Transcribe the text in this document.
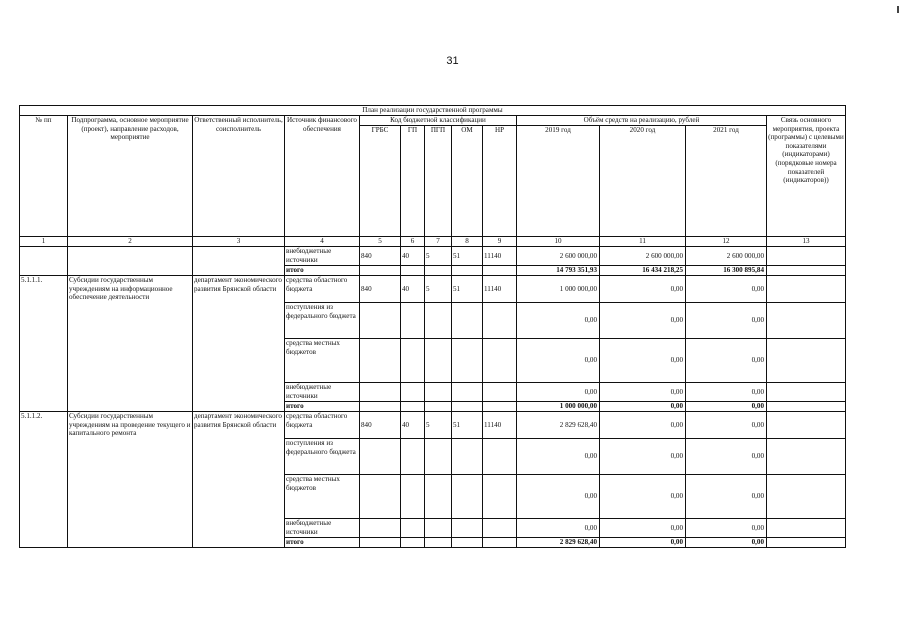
31
План реализации государственной программы												
№ пп	Подпрограмма, основное мероприятие (проект), направление расходов, мероприятие	Ответственный исполнитель, соисполнитель	Источник финансового обеспечения	Код бюджетной классификации					Объём средств на реализацию, рублей			Связь основного мероприятия, проекта (программы) с целевыми показателями (индикаторами) (порядковые номера показателей (индикаторов))
				ГРБС	ГП	ПГП	ОМ	НР	2019 год	2020 год	2021 год	
1	2	3	4	5	6	7	8	9	10	11	12	13
			внебюджетные источники	840	40	5	51	11140	2 600 000,00	2 600 000,00	2 600 000,00	
			итого						14 793 351,93	16 434 218,25	16 300 895,84	
5.1.1.1.	Субсидии государственным учреждениям на информационное обеспечение деятельности	департамент экономического развития Брянской области	средства областного бюджета	840	40	5	51	11140	1 000 000,00	0,00	0,00	
			поступления из федерального бюджета						0,00	0,00	0,00	
			средства местных бюджетов						0,00	0,00	0,00	
			внебюджетные источники						0,00	0,00	0,00	
			итого						1 000 000,00	0,00	0,00	
5.1.1.2.	Субсидии государственным учреждениям на проведение текущего и капитального ремонта	департамент экономического развития Брянской области	средства областного бюджета	840	40	5	51	11140	2 829 628,40	0,00	0,00	
			поступления из федерального бюджета						0,00	0,00	0,00	
			средства местных бюджетов						0,00	0,00	0,00	
			внебюджетные источники						0,00	0,00	0,00	
			итого						2 829 628,40	0,00	0,00	
